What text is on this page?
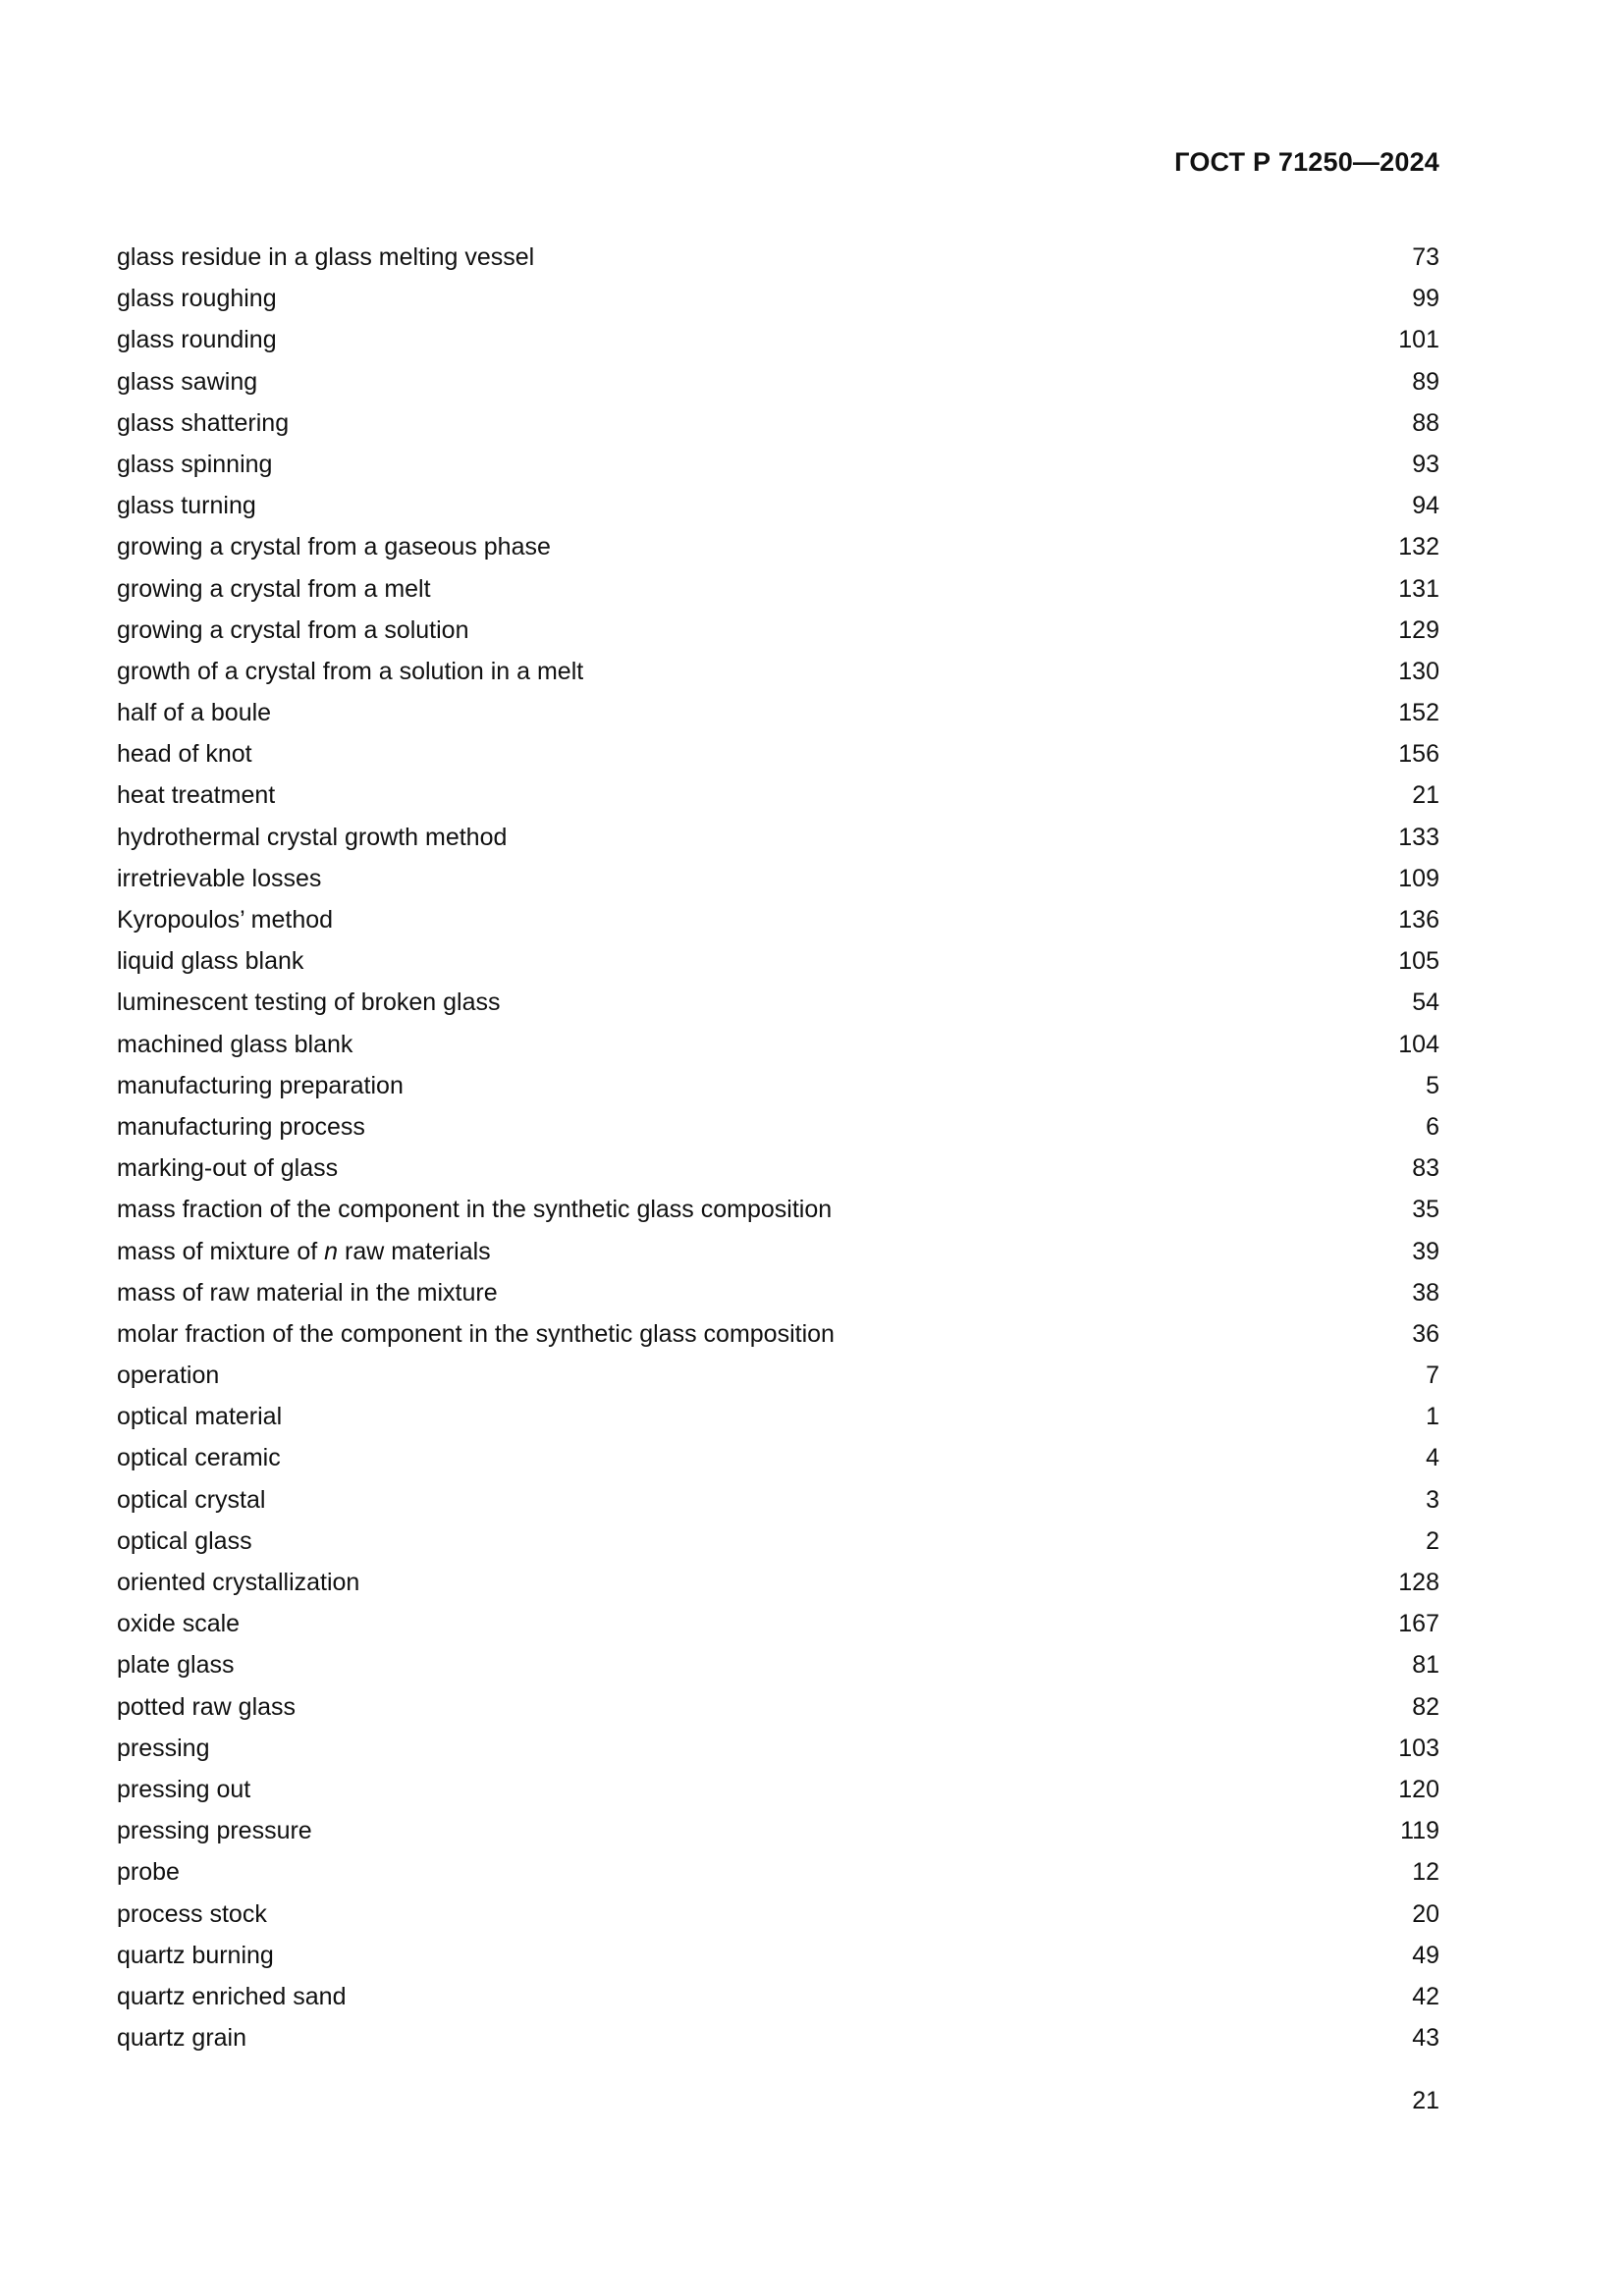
ГОСТ Р 71250—2024
glass residue in a glass melting vessel	73
glass roughing	99
glass rounding	101
glass sawing	89
glass shattering	88
glass spinning	93
glass turning	94
growing a crystal from a gaseous phase	132
growing a crystal from a melt	131
growing a crystal from a solution	129
growth of a crystal from a solution in a melt	130
half of a boule	152
head of knot	156
heat treatment	21
hydrothermal crystal growth method	133
irretrievable losses	109
Kyropoulos’ method	136
liquid glass blank	105
luminescent testing of broken glass	54
machined glass blank	104
manufacturing preparation	5
manufacturing process	6
marking-out of glass	83
mass fraction of the component in the synthetic glass composition	35
mass of mixture of n raw materials	39
mass of raw material in the mixture	38
molar fraction of the component in the synthetic glass composition	36
operation	7
optical material	1
optical ceramic	4
optical crystal	3
optical glass	2
oriented crystallization	128
oxide scale	167
plate glass	81
potted raw glass	82
pressing	103
pressing out	120
pressing pressure	119
probe	12
process stock	20
quartz burning	49
quartz enriched sand	42
quartz grain	43
21
